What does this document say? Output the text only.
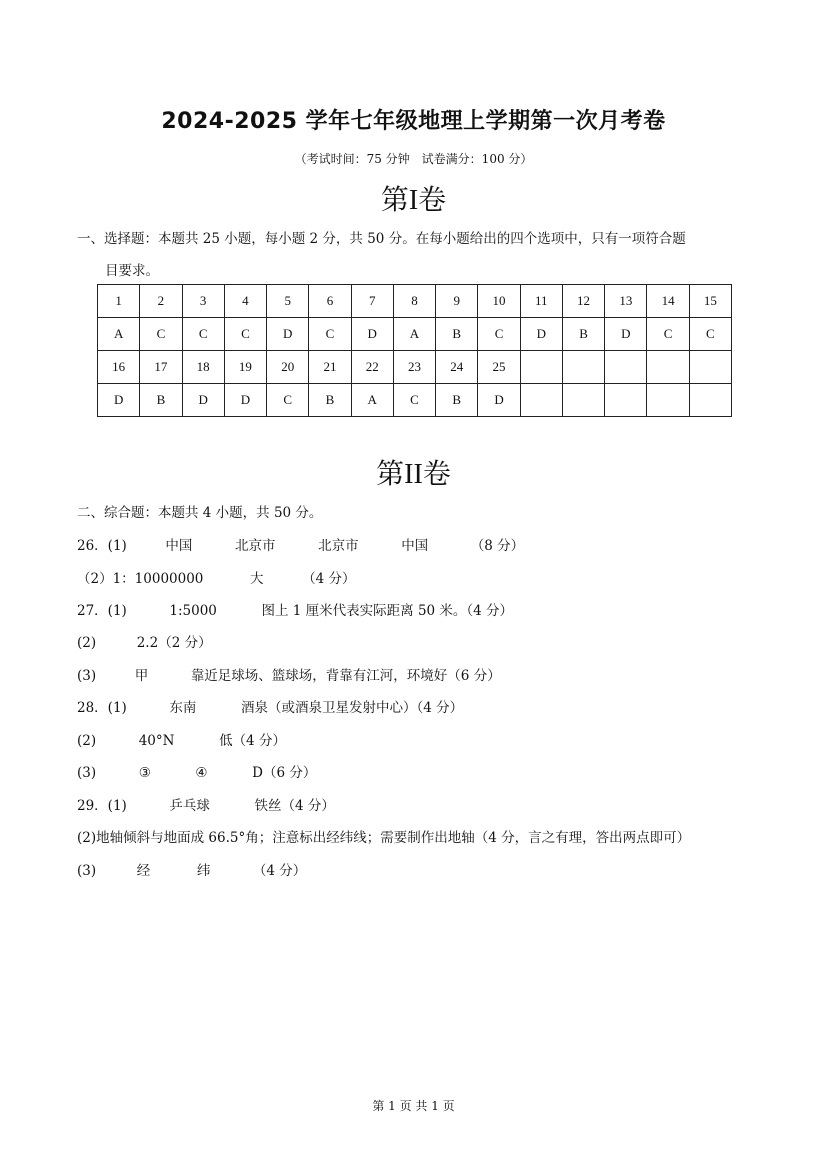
2024-2025 学年七年级地理上学期第一次月考卷
（考试时间：75 分钟　试卷满分：100 分）
第I卷
一、选择题：本题共 25 小题，每小题 2 分，共 50 分。在每小题给出的四个选项中，只有一项符合题
目要求。
1	2	3	4	5	6	7	8	9	10	11	12	13	14	15
A	C	C	C	D	C	D	A	B	C	D	B	D	C	C
16	17	18	19	20	21	22	23	24	25					
D	B	D	D	C	B	A	C	B	D					
第II卷
二、综合题：本题共 4 小题，共 50 分。
26．(1)	中国	北京市	北京市	中国	（8 分）
（2）1：10000000	大	（4 分）
27．(1)	1:5000	图上 1 厘米代表实际距离 50 米。（4 分）
(2)	2.2（2 分）
(3)	甲	靠近足球场、篮球场，背靠有江河，环境好（6 分）
28．(1)	东南	酒泉（或酒泉卫星发射中心）（4 分）
(2)	40°N	低（4 分）
(3)	③	④	D（6 分）
29．(1)	乒乓球	铁丝（4 分）
(2)地轴倾斜与地面成 66.5°角；注意标出经纬线；需要制作出地轴（4 分，言之有理，答出两点即可）
(3)	经	纬	（4 分）
第 1 页 共 1 页
